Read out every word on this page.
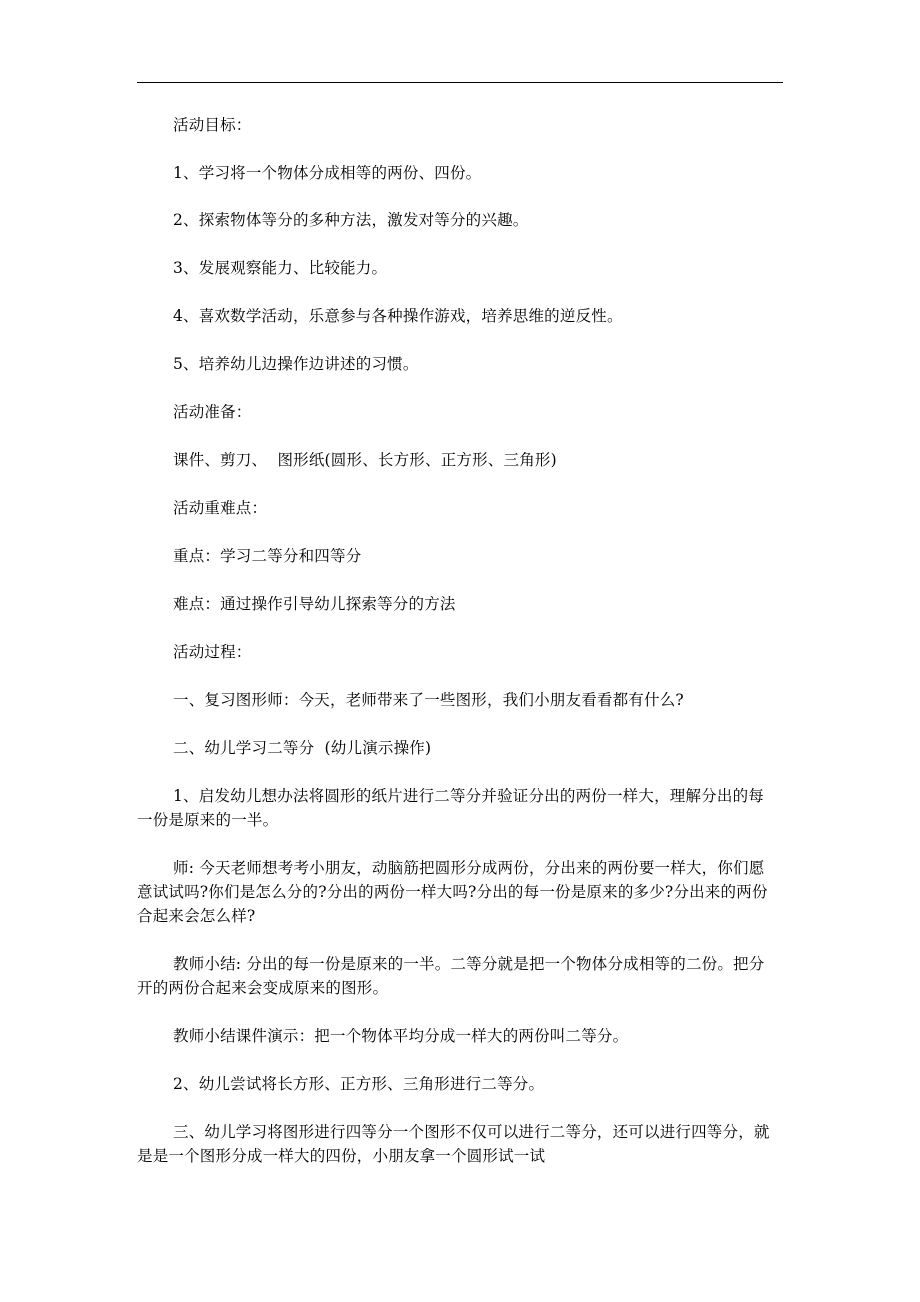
活动目标：
1、学习将一个物体分成相等的两份、四份。
2、探索物体等分的多种方法，激发对等分的兴趣。
3、发展观察能力、比较能力。
4、喜欢数学活动，乐意参与各种操作游戏，培养思维的逆反性。
5、培养幼儿边操作边讲述的习惯。
活动准备：
课件、剪刀、  图形纸(圆形、长方形、正方形、三角形)
活动重难点：
重点：学习二等分和四等分
难点：通过操作引导幼儿探索等分的方法
活动过程：
一、复习图形师：今天，老师带来了一些图形，我们小朋友看看都有什么?
二、幼儿学习二等分  (幼儿演示操作)
1、启发幼儿想办法将圆形的纸片进行二等分并验证分出的两份一样大，理解分出的每
一份是原来的一半。
师: 今天老师想考考小朋友，动脑筋把圆形分成两份，分出来的两份要一样大，你们愿
意试试吗?你们是怎么分的?分出的两份一样大吗?分出的每一份是原来的多少?分出来的两份
合起来会怎么样?
教师小结: 分出的每一份是原来的一半。二等分就是把一个物体分成相等的二份。把分
开的两份合起来会变成原来的图形。
教师小结课件演示：把一个物体平均分成一样大的两份叫二等分。
2、幼儿尝试将长方形、正方形、三角形进行二等分。
三、幼儿学习将图形进行四等分一个图形不仅可以进行二等分，还可以进行四等分，就
是是一个图形分成一样大的四份，小朋友拿一个圆形试一试
